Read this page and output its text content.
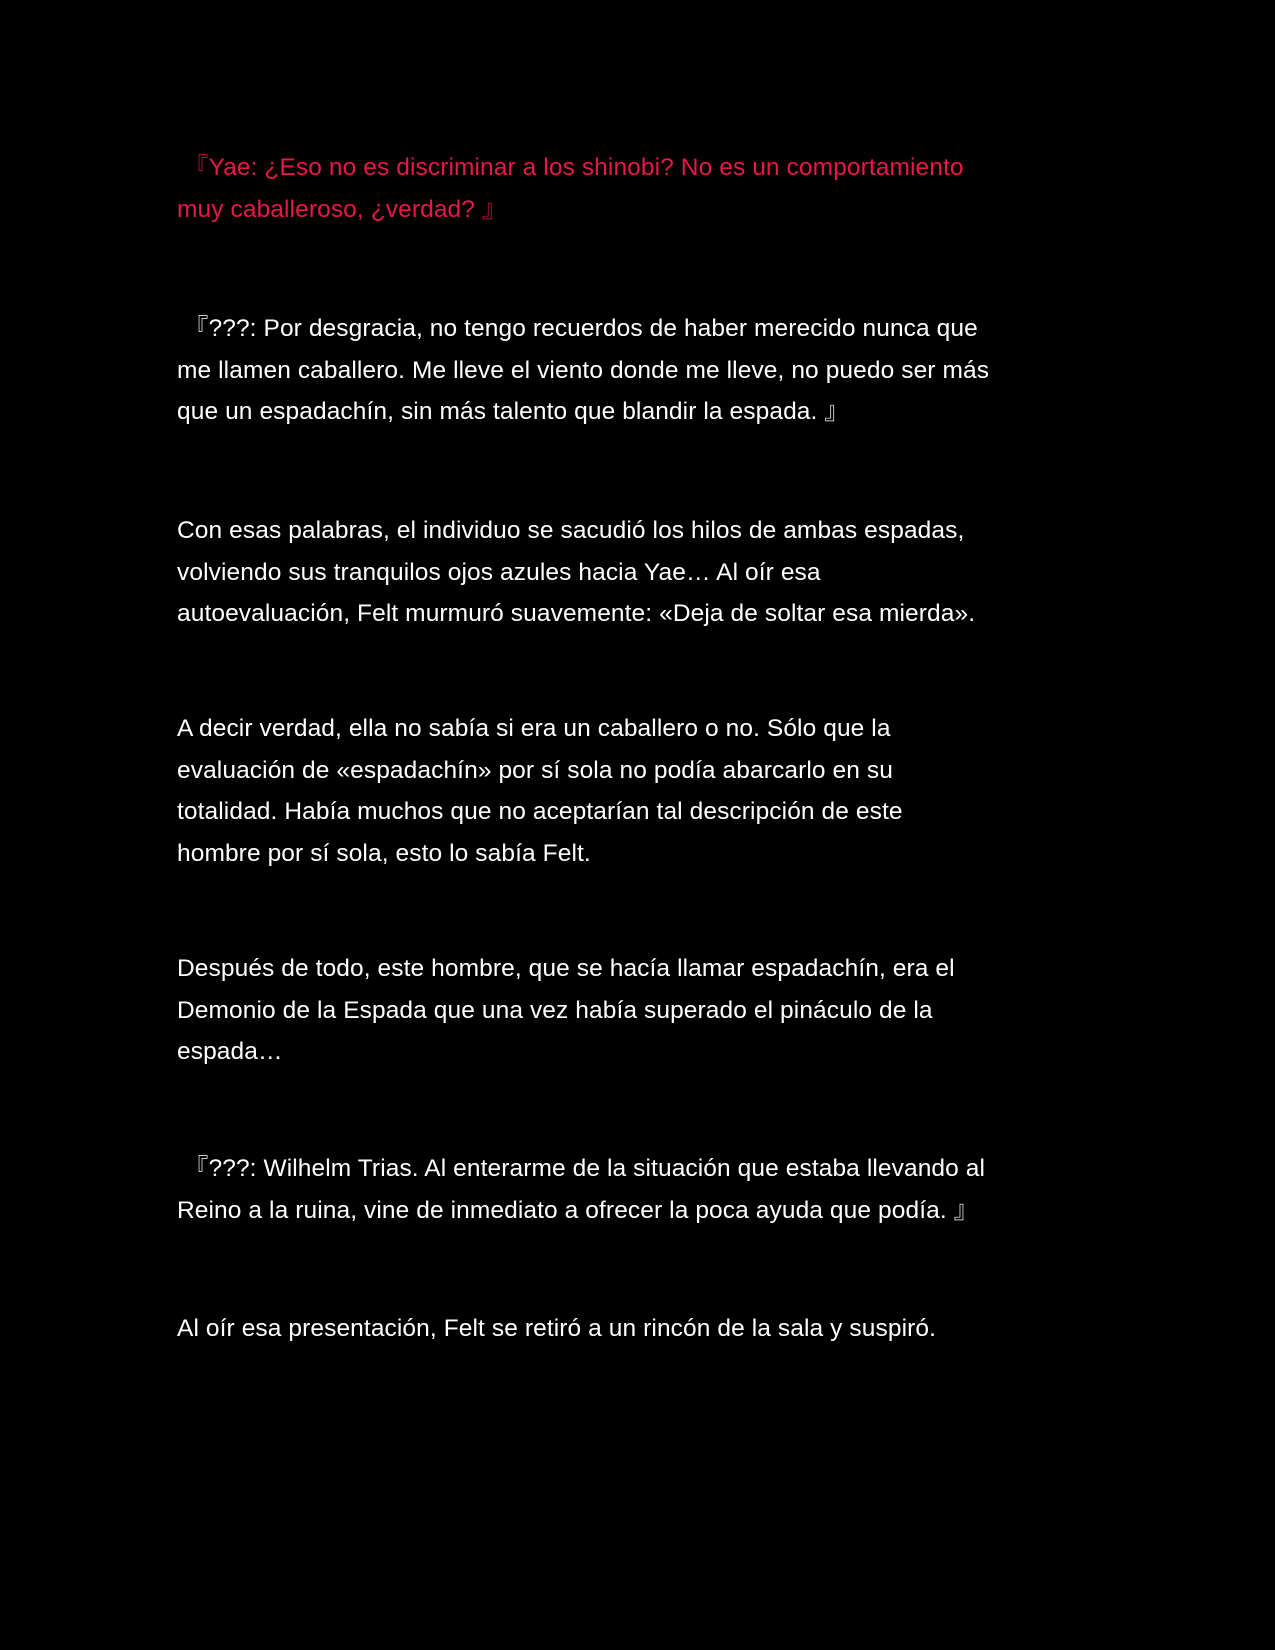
『Yae: ¿Eso no es discriminar a los shinobi? No es un comportamiento
muy caballeroso, ¿verdad? 』

『???: Por desgracia, no tengo recuerdos de haber merecido nunca que
me llamen caballero. Me lleve el viento donde me lleve, no puedo ser más
que un espadachín, sin más talento que blandir la espada. 』

Con esas palabras, el individuo se sacudió los hilos de ambas espadas,
volviendo sus tranquilos ojos azules hacia Yae… Al oír esa
autoevaluación, Felt murmuró suavemente: «Deja de soltar esa mierda».

A decir verdad, ella no sabía si era un caballero o no. Sólo que la
evaluación de «espadachín» por sí sola no podía abarcarlo en su
totalidad. Había muchos que no aceptarían tal descripción de este
hombre por sí sola, esto lo sabía Felt.

Después de todo, este hombre, que se hacía llamar espadachín, era el
Demonio de la Espada que una vez había superado el pináculo de la
espada…

『???: Wilhelm Trias. Al enterarme de la situación que estaba llevando al
Reino a la ruina, vine de inmediato a ofrecer la poca ayuda que podía. 』

Al oír esa presentación, Felt se retiró a un rincón de la sala y suspiró.
